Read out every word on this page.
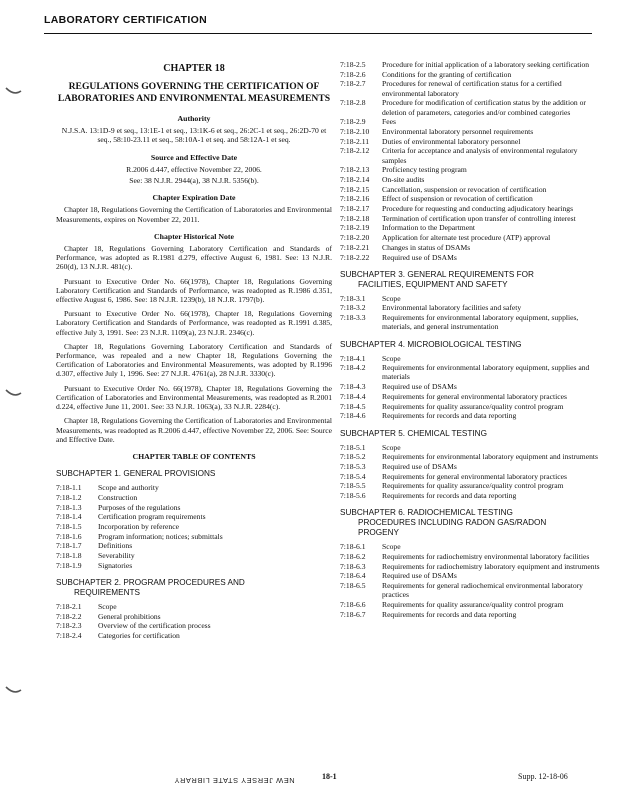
LABORATORY CERTIFICATION
CHAPTER 18
REGULATIONS GOVERNING THE CERTIFICATION OF LABORATORIES AND ENVIRONMENTAL MEASUREMENTS
Authority

N.J.S.A. 13:1D-9 et seq., 13:1E-1 et seq., 13:1K-6 et seq., 26:2C-1 et seq., 26:2D-70 et seq., 58:10-23.11 et seq., 58:10A-1 et seq. and 58:12A-1 et seq.

Source and Effective Date

R.2006 d.447, effective November 22, 2006.

See: 38 N.J.R. 2944(a), 38 N.J.R. 5356(b).

Chapter Expiration Date

Chapter 18, Regulations Governing the Certification of Laboratories and Environmental Measurements, expires on November 22, 2011.

Chapter Historical Note

Chapter 18, Regulations Governing Laboratory Certification and Standards of Performance, was adopted as R.1981 d.279, effective August 6, 1981. See: 13 N.J.R. 260(d), 13 N.J.R. 481(c).

Pursuant to Executive Order No. 66(1978), Chapter 18, Regulations Governing Laboratory Certification and Standards of Performance, was readopted as R.1986 d.351, effective August 6, 1986. See: 18 N.J.R. 1239(b), 18 N.J.R. 1797(b).

Pursuant to Executive Order No. 66(1978), Chapter 18, Regulations Governing Laboratory Certification and Standards of Performance, was readopted as R.1991 d.385, effective July 3, 1991. See: 23 N.J.R. 1109(a), 23 N.J.R. 2346(c).

Chapter 18, Regulations Governing Laboratory Certification and Standards of Performance, was repealed and a new Chapter 18, Regulations Governing the Certification of Laboratories and Environmental Measurements, was adopted by R.1996 d.307, effective July 1, 1996. See: 27 N.J.R. 4761(a), 28 N.J.R. 3330(c).

Pursuant to Executive Order No. 66(1978), Chapter 18, Regulations Governing the Certification of Laboratories and Environmental Measurements, was readopted as R.2001 d.224, effective June 11, 2001. See: 33 N.J.R. 1063(a), 33 N.J.R. 2284(c).

Chapter 18, Regulations Governing the Certification of Laboratories and Environmental Measurements, was readopted as R.2006 d.447, effective November 22, 2006. See: Source and Effective Date.

CHAPTER TABLE OF CONTENTS
SUBCHAPTER 1. GENERAL PROVISIONS
7:18-1.1	Scope and authority
7:18-1.2	Construction
7:18-1.3	Purposes of the regulations
7:18-1.4	Certification program requirements
7:18-1.5	Incorporation by reference
7:18-1.6	Program information; notices; submittals
7:18-1.7	Definitions
7:18-1.8	Severability
7:18-1.9	Signatories
SUBCHAPTER 2. PROGRAM PROCEDURES AND
REQUIREMENTS
7:18-2.1	Scope
7:18-2.2	General prohibitions
7:18-2.3	Overview of the certification process
7:18-2.4	Categories for certification
7:18-2.5	Procedure for initial application of a laboratory seeking certification
7:18-2.6	Conditions for the granting of certification
7:18-2.7	Procedures for renewal of certification status for a certified environmental laboratory
7:18-2.8	Procedure for modification of certification status by the addition or deletion of parameters, categories and/or combined categories
7:18-2.9	Fees
7:18-2.10	Environmental laboratory personnel requirements
7:18-2.11	Duties of environmental laboratory personnel
7:18-2.12	Criteria for acceptance and analysis of environmental regulatory samples
7:18-2.13	Proficiency testing program
7:18-2.14	On-site audits
7:18-2.15	Cancellation, suspension or revocation of certification
7:18-2.16	Effect of suspension or revocation of certification
7:18-2.17	Procedure for requesting and conducting adjudicatory hearings
7:18-2.18	Termination of certification upon transfer of controlling interest
7:18-2.19	Information to the Department
7:18-2.20	Application for alternate test procedure (ATP) approval
7:18-2.21	Changes in status of DSAMs
7:18-2.22	Required use of DSAMs
SUBCHAPTER 3. GENERAL REQUIREMENTS FOR
FACILITIES, EQUIPMENT AND SAFETY
7:18-3.1	Scope
7:18-3.2	Environmental laboratory facilities and safety
7:18-3.3	Requirements for environmental laboratory equipment, supplies, materials, and general instrumentation
SUBCHAPTER 4. MICROBIOLOGICAL TESTING
7:18-4.1	Scope
7:18-4.2	Requirements for environmental laboratory equipment, supplies and materials
7:18-4.3	Required use of DSAMs
7:18-4.4	Requirements for general environmental laboratory practices
7:18-4.5	Requirements for quality assurance/quality control program
7:18-4.6	Requirements for records and data reporting
SUBCHAPTER 5. CHEMICAL TESTING
7:18-5.1	Scope
7:18-5.2	Requirements for environmental laboratory equipment and instruments
7:18-5.3	Required use of DSAMs
7:18-5.4	Requirements for general environmental laboratory practices
7:18-5.5	Requirements for quality assurance/quality control program
7:18-5.6	Requirements for records and data reporting
SUBCHAPTER 6. RADIOCHEMICAL TESTING
PROCEDURES INCLUDING RADON GAS/RADON
PROGENY
7:18-6.1	Scope
7:18-6.2	Requirements for radiochemistry environmental laboratory facilities
7:18-6.3	Requirements for radiochemistry laboratory equipment and instruments
7:18-6.4	Required use of DSAMs
7:18-6.5	Requirements for general radiochemical environmental laboratory practices
7:18-6.6	Requirements for quality assurance/quality control program
7:18-6.7	Requirements for records and data reporting
18-1	Supp. 12-18-06
NEW JERSEY STATE LIBRARY
